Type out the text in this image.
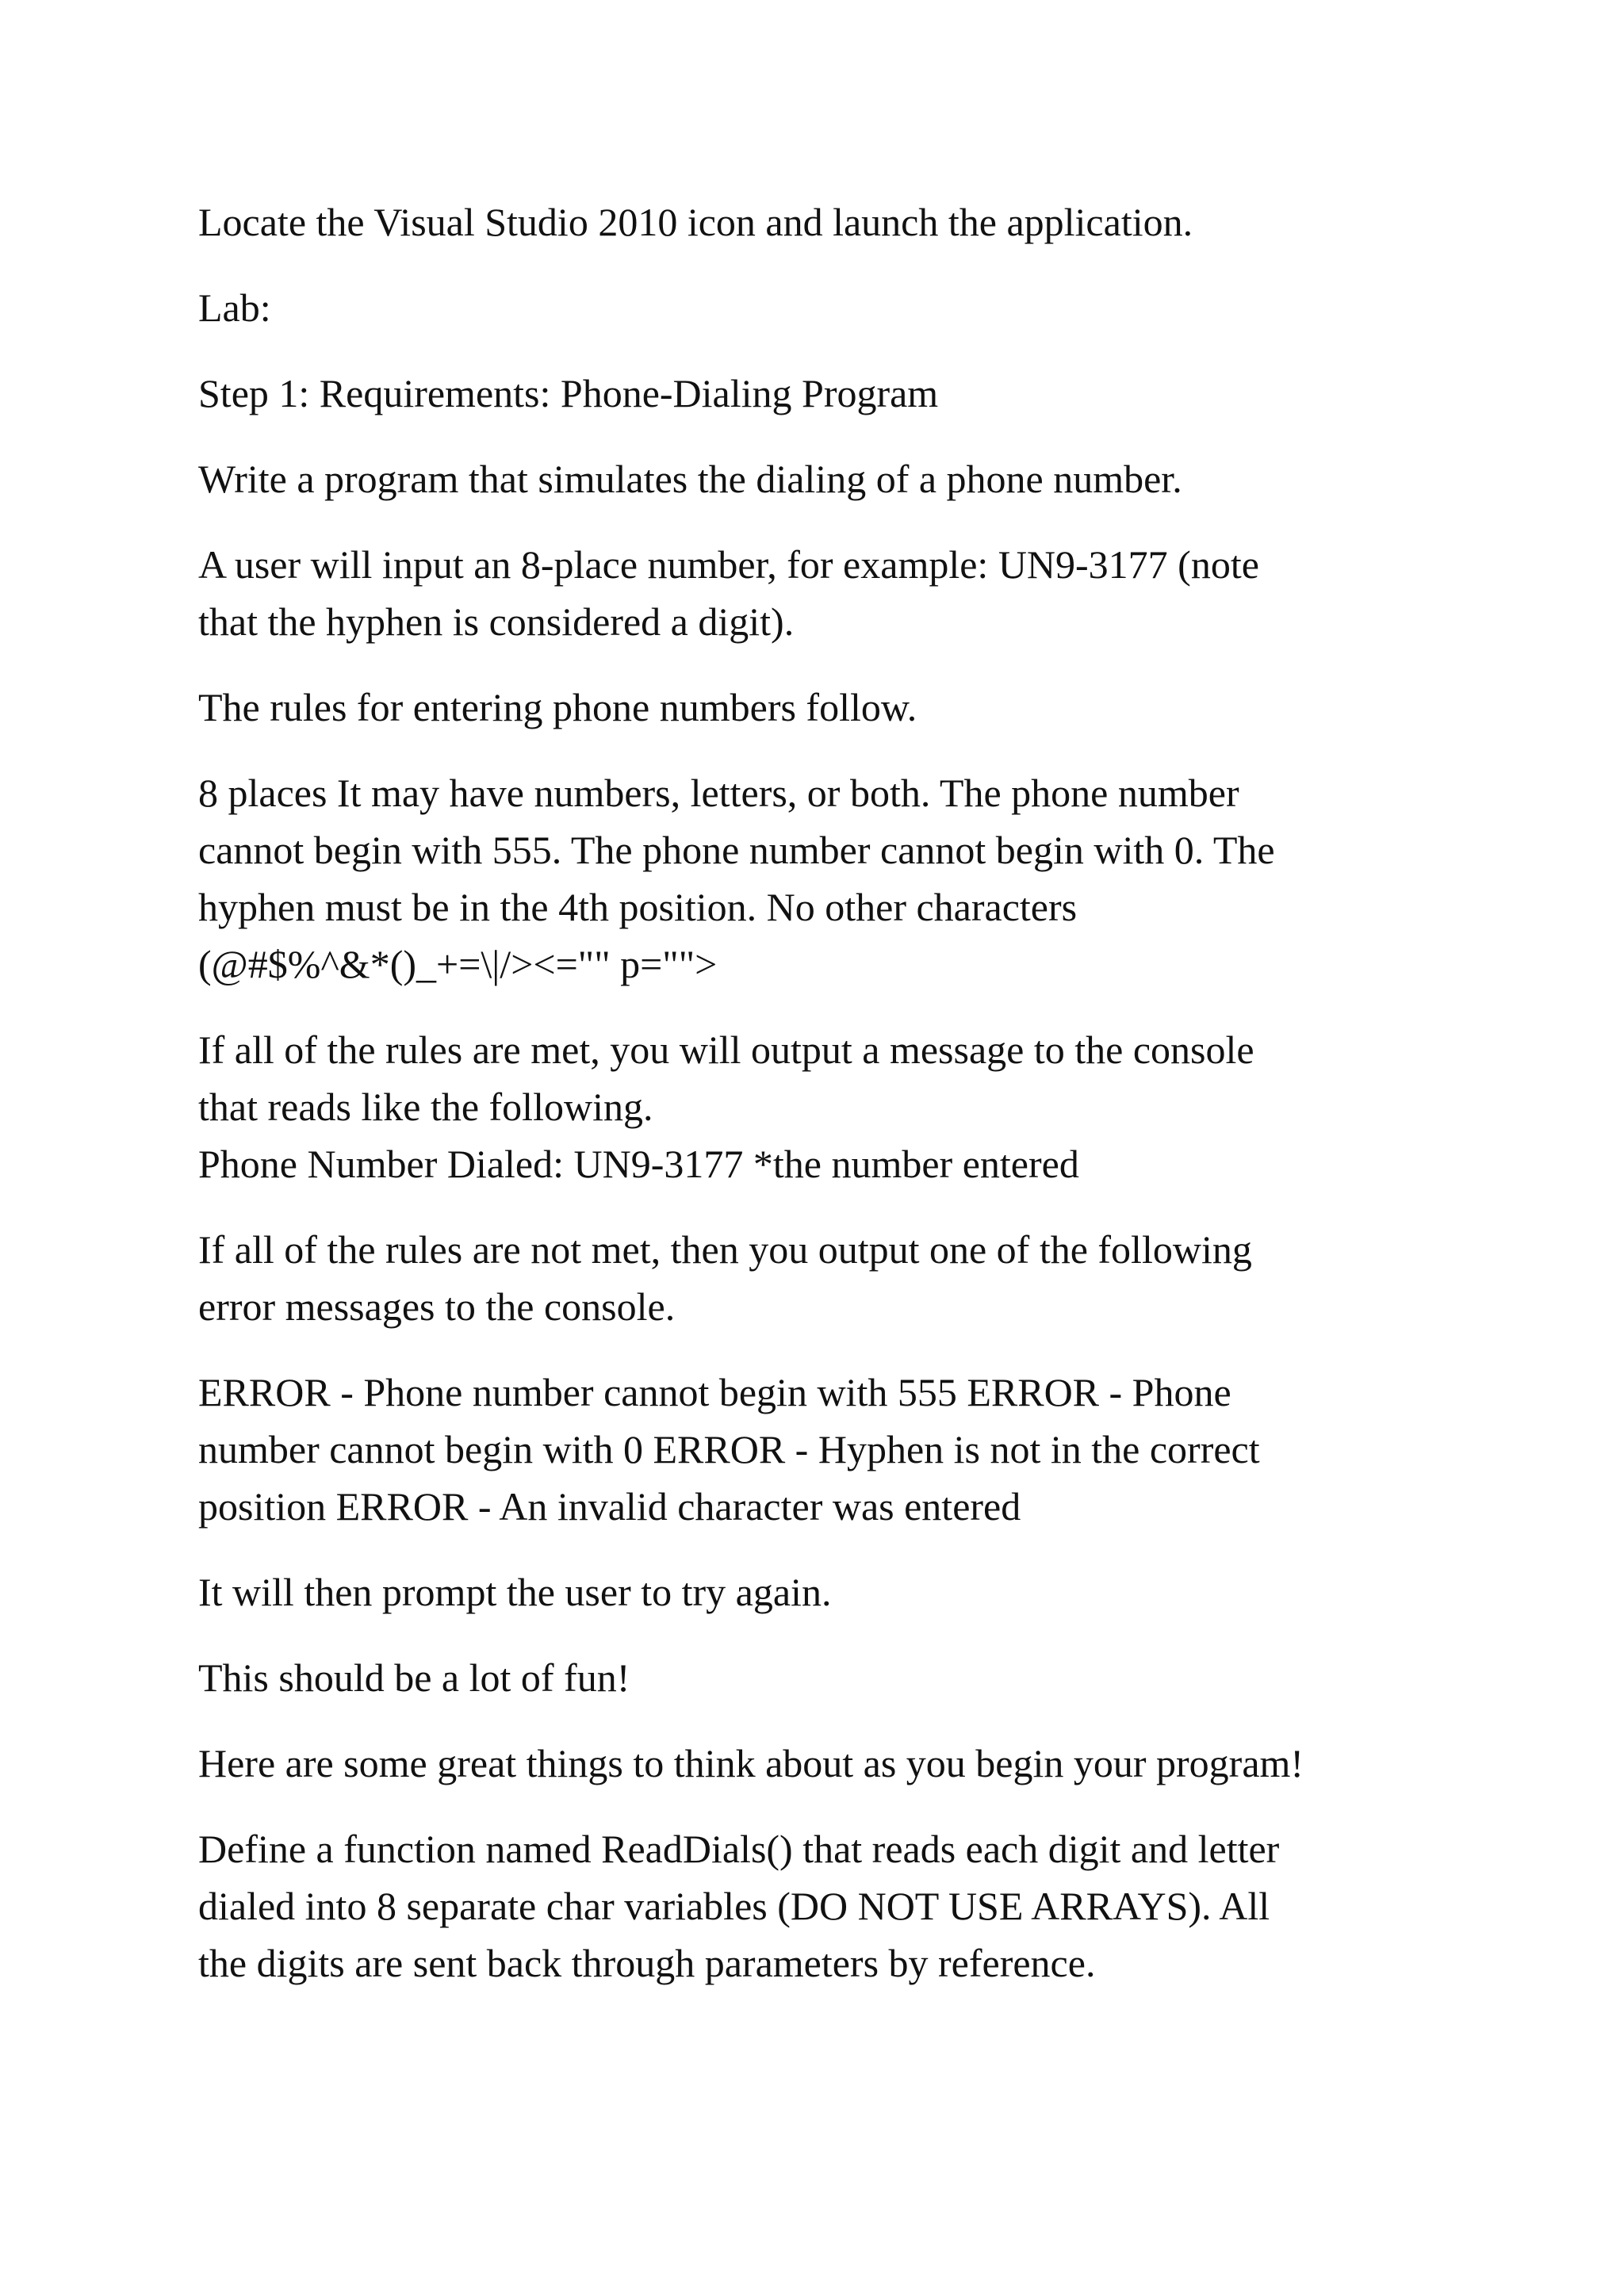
Locate the Visual Studio 2010 icon and launch the application.

Lab:

Step 1: Requirements: Phone-Dialing Program

Write a program that simulates the dialing of a phone number.

A user will input an 8-place number, for example: UN9-3177 (note
that the hyphen is considered a digit).

The rules for entering phone numbers follow.

8 places It may have numbers, letters, or both. The phone number
cannot begin with 555. The phone number cannot begin with 0. The
hyphen must be in the 4th position. No other characters
(@#$%^&*()_+=\|/><="" p="">

If all of the rules are met, you will output a message to the console
that reads like the following.
Phone Number Dialed: UN9-3177 *the number entered

If all of the rules are not met, then you output one of the following
error messages to the console.

ERROR - Phone number cannot begin with 555 ERROR - Phone
number cannot begin with 0 ERROR - Hyphen is not in the correct
position ERROR - An invalid character was entered

It will then prompt the user to try again.

This should be a lot of fun!

Here are some great things to think about as you begin your program!

Define a function named ReadDials() that reads each digit and letter
dialed into 8 separate char variables (DO NOT USE ARRAYS). All
the digits are sent back through parameters by reference.
